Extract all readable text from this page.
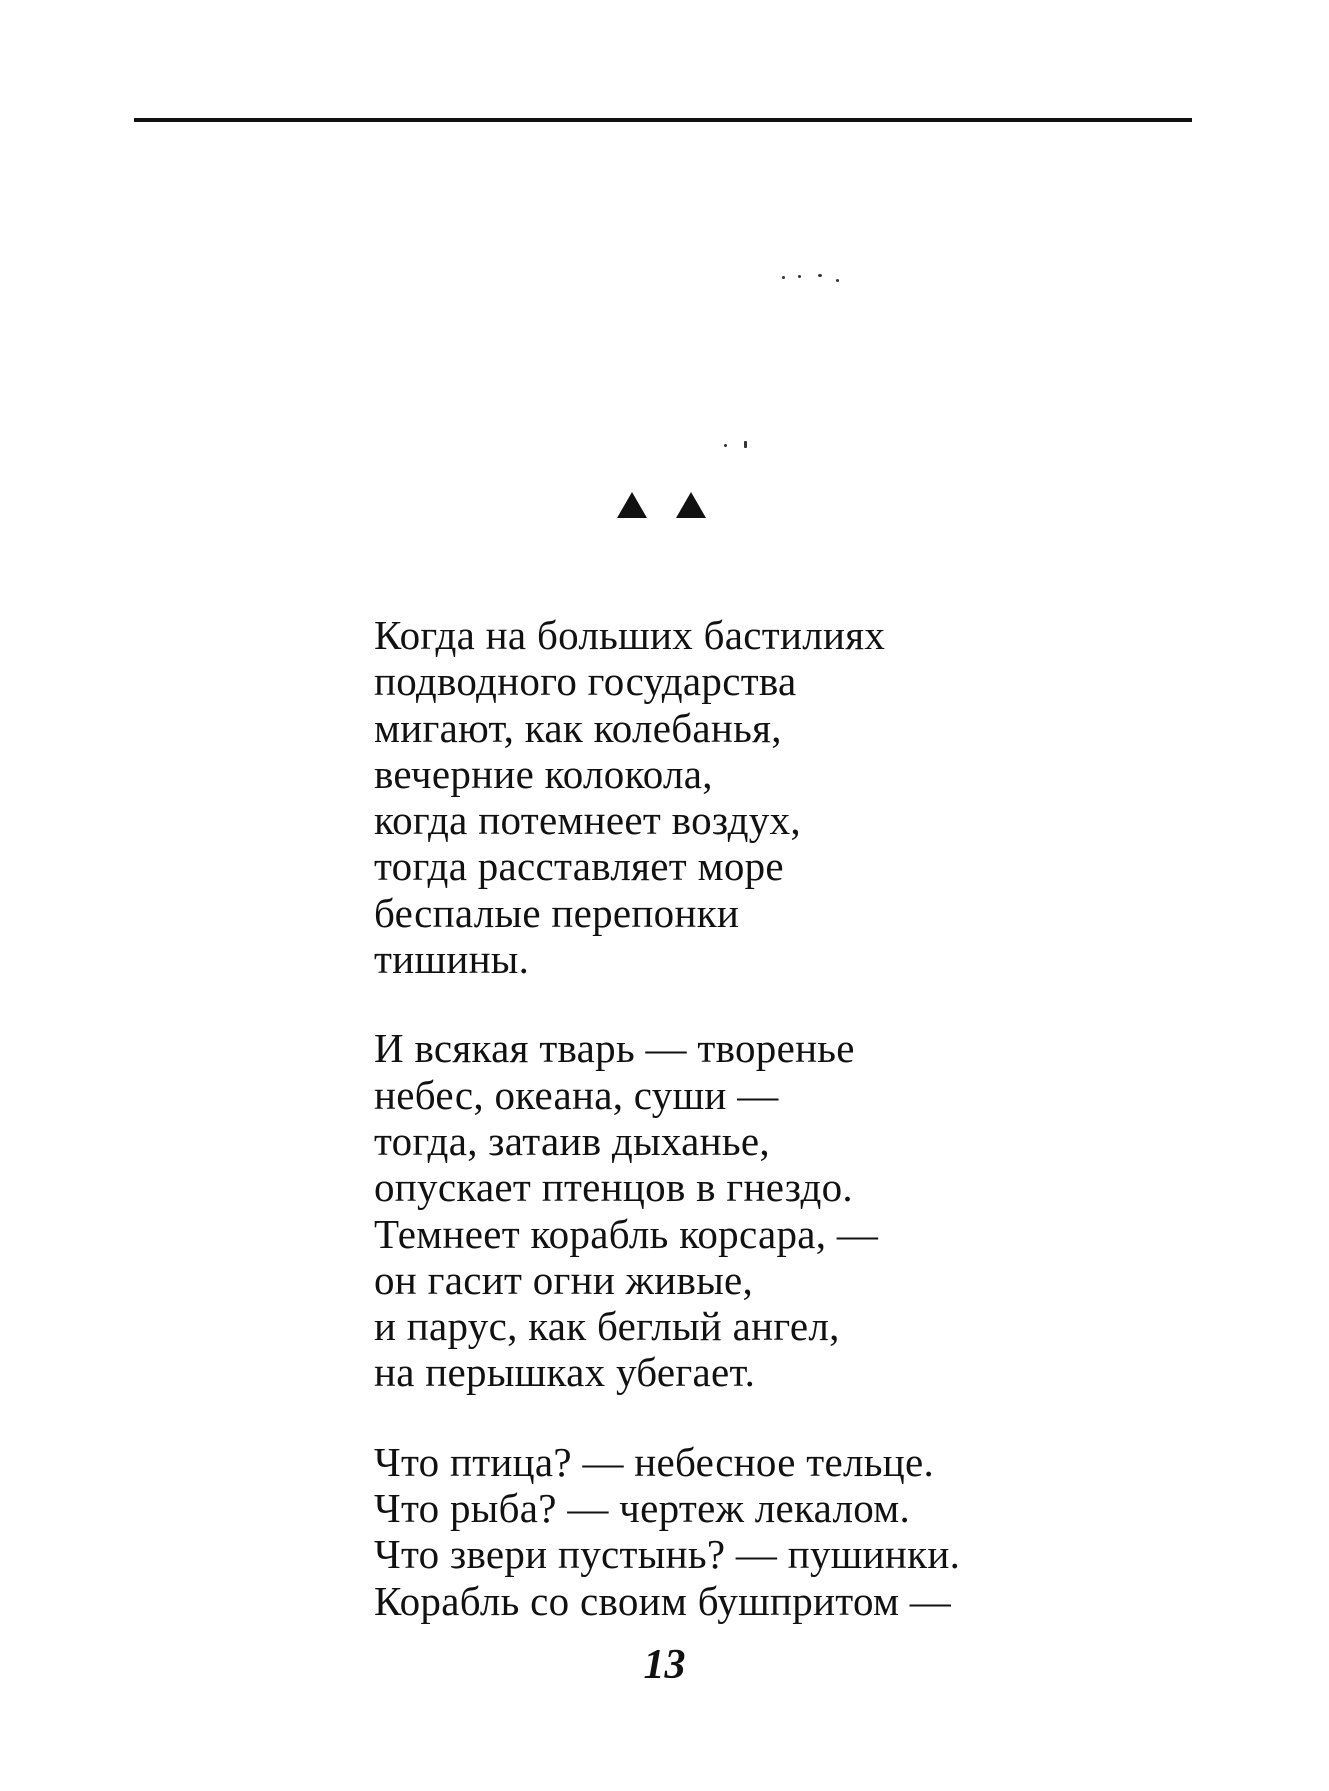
Когда на больших бастилиях
подводного государства
мигают, как колебанья,
вечерние колокола,
когда потемнеет воздух,
тогда расставляет море
беспалые перепонки
тишины.
И всякая тварь — творенье
небес, океана, суши —
тогда, затаив дыханье,
опускает птенцов в гнездо.
Темнеет корабль корсара, —
он гасит огни живые,
и парус, как беглый ангел,
на перышках убегает.
Что птица? — небесное тельце.
Что рыба? — чертеж лекалом.
Что звери пустынь? — пушинки.
Корабль со своим бушпритом —
13
